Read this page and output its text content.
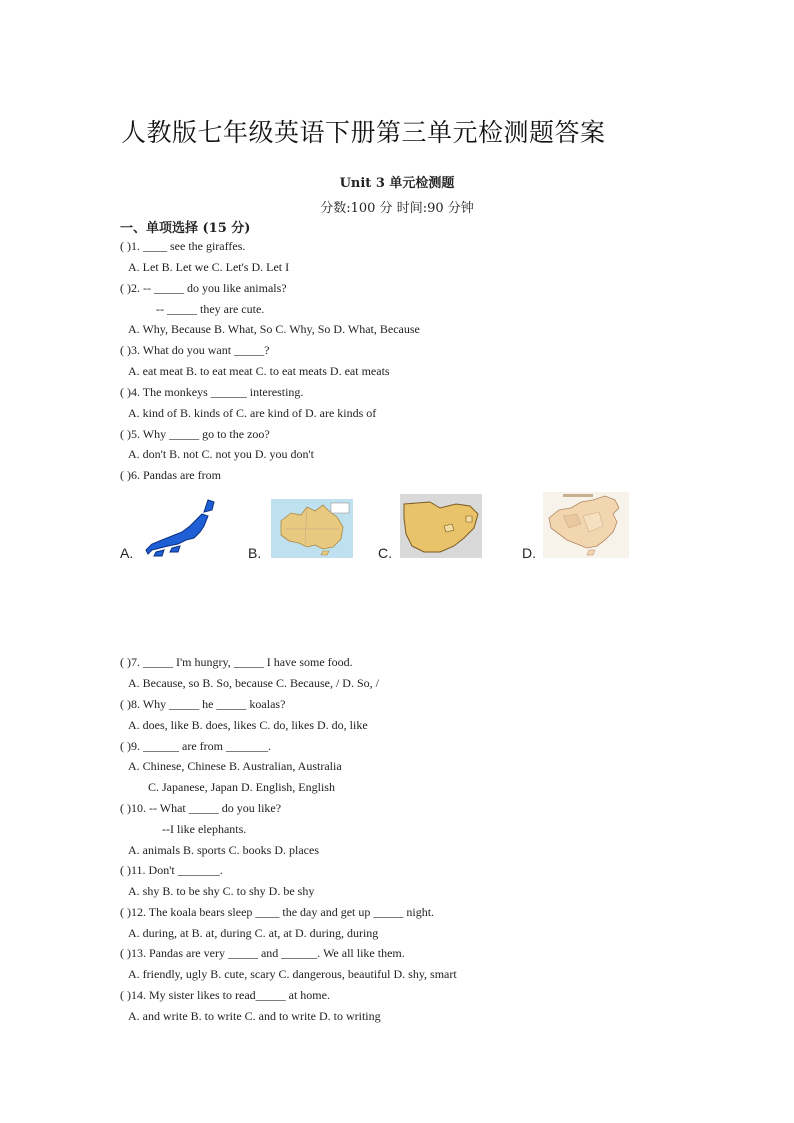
人教版七年级英语下册第三单元检测题答案
Unit 3 单元检测题
分数:100 分 时间:90 分钟
一、单项选择 (15 分)
( )1. ____ see the giraffes.
A. Let B. Let we C. Let's D. Let I
( )2. -- _____ do you like animals?
-- _____ they are cute.
A. Why, Because B. What, So C. Why, So D. What, Because
( )3. What do you want _____?
A. eat meat B. to eat meat C. to eat meats D. eat meats
( )4. The monkeys ______ interesting.
A. kind of B. kinds of C. are kind of D. are kinds of
( )5. Why _____ go to the zoo?
A. don't B. not C. not you D. you don't
( )6. Pandas are from
A.	B.	C.	D.
( )7. _____ I'm hungry, _____ I have some food.
A. Because, so B. So, because C. Because, / D. So, /
( )8. Why _____ he _____ koalas?
A. does, like B. does, likes C. do, likes D. do, like
( )9. ______ are from _______.
A. Chinese, Chinese B. Australian, Australia
C. Japanese, Japan D. English, English
( )10. -- What _____ do you like?
--I like elephants.
A. animals B. sports C. books D. places
( )11. Don't _______.
A. shy B. to be shy C. to shy D. be shy
( )12. The koala bears sleep ____ the day and get up _____ night.
A. during, at B. at, during C. at, at D. during, during
( )13. Pandas are very _____ and ______. We all like them.
A. friendly, ugly B. cute, scary C. dangerous, beautiful D. shy, smart
( )14. My sister likes to read_____ at home.
A. and write B. to write C. and to write D. to writing
